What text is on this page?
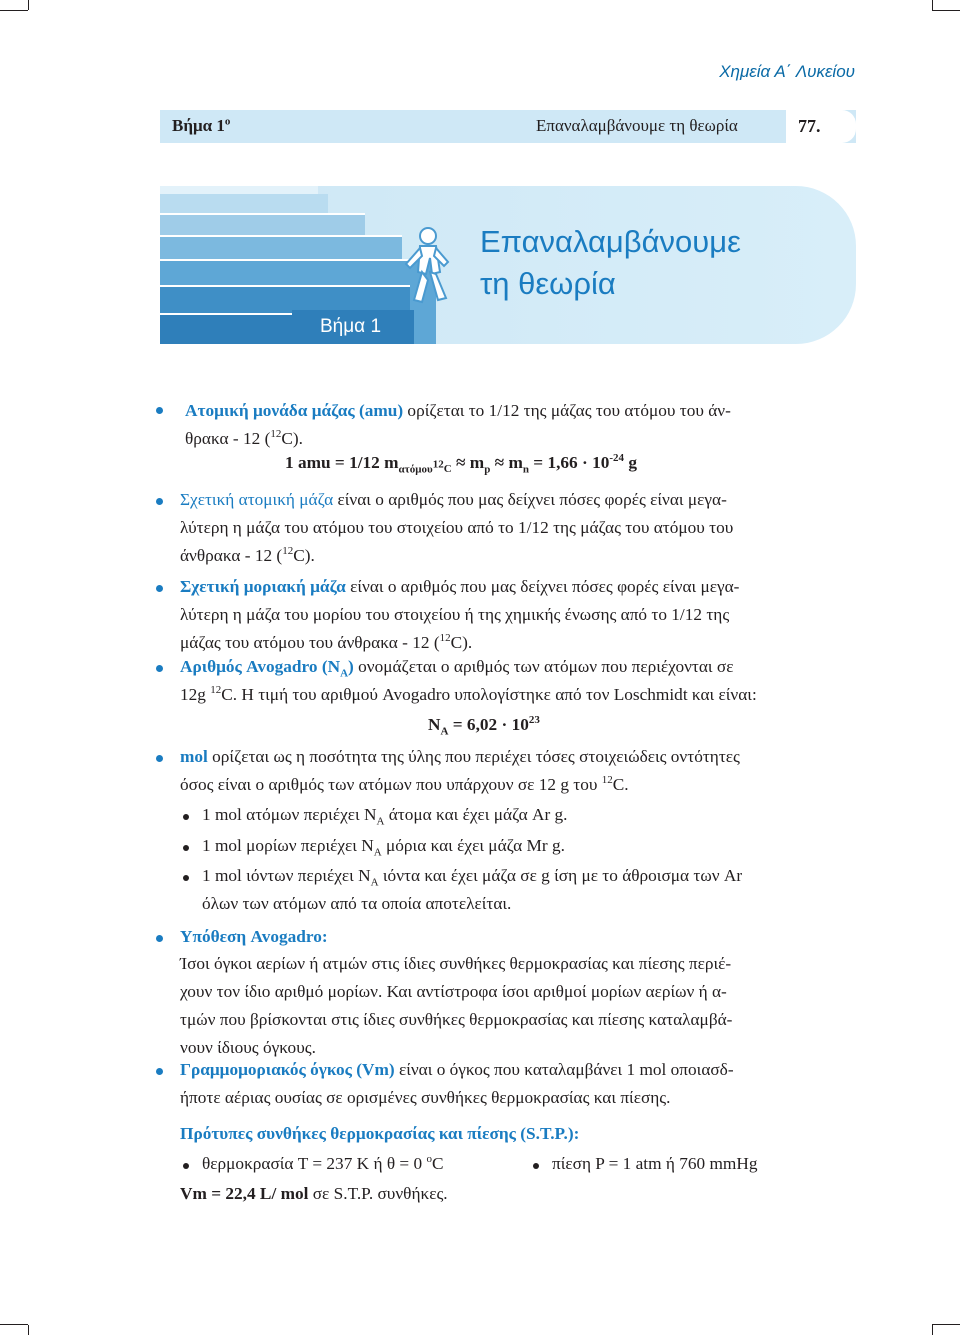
Χημεία Α΄ Λυκείου
Βήμα $1^o$	Επαναλαμβάνουμε τη θεωρία	77.
Επαναλαμβάνουμε
τη θεωρία
Βήμα 1
Ατομική μονάδα μάζας (amu) ορίζεται το 1/12 της μάζας του ατόμου του άν-
θρακα - 12 ($^{12}$C).
1 amu = 1/12 $m_{\alpha\tau ό\mu o\upsilon^{12}C} \approx m_p \approx m_n = 1,66 \cdot 10^{-24}$ g
Σχετική ατομική μάζα είναι ο αριθμός που μας δείχνει πόσες φορές είναι μεγα-
λύτερη η μάζα του ατόμου του στοιχείου από το 1/12 της μάζας του ατόμου του
άνθρακα - 12 ($^{12}$C).
Σχετική μοριακή μάζα είναι ο αριθμός που μας δείχνει πόσες φορές είναι μεγα-
λύτερη η μάζα του μορίου του στοιχείου ή της χημικής ένωσης από το 1/12 της
μάζας του ατόμου του άνθρακα - 12 ($^{12}$C).
Αριθμός Avogadro $(N_A)$ ονομάζεται ο αριθμός των ατόμων που περιέχονται σε
12g $^{12}$C. Η τιμή του αριθμού Avogadro υπολογίστηκε από τον Loschmidt και είναι:
$N_A = 6,02 \cdot 10^{23}$
mol ορίζεται ως η ποσότητα της ύλης που περιέχει τόσες στοιχειώδεις οντότητες
όσος είναι ο αριθμός των ατόμων που υπάρχουν σε 12 g του $^{12}$C.
1 mol ατόμων περιέχει $N_A$ άτομα και έχει μάζα Ar g.
1 mol μορίων περιέχει $N_A$ μόρια και έχει μάζα Mr g.
1 mol ιόντων περιέχει $N_A$ ιόντα και έχει μάζα σε g ίση με το άθροισμα των Ar
όλων των ατόμων από τα οποία αποτελείται.
Υπόθεση Avogadro:
Ίσοι όγκοι αερίων ή ατμών στις ίδιες συνθήκες θερμοκρασίας και πίεσης περιέ-
χουν τον ίδιο αριθμό μορίων. Και αντίστροφα ίσοι αριθμοί μορίων αερίων ή α-
τμών που βρίσκονται στις ίδιες συνθήκες θερμοκρασίας και πίεσης καταλαμβά-
νουν ίδιους όγκους.
Γραμμομοριακός όγκος (Vm) είναι ο όγκος που καταλαμβάνει 1 mol οποιασδ-
ήποτε αέριας ουσίας σε ορισμένες συνθήκες θερμοκρασίας και πίεσης.
Πρότυπες συνθήκες θερμοκρασίας και πίεσης (S.T.P.):
θερμοκρασία T = 237 K ή θ = 0 $^o$C	πίεση P = 1 atm ή 760 mmHg
Vm = 22,4 L/ mol σε S.T.P. συνθήκες.
